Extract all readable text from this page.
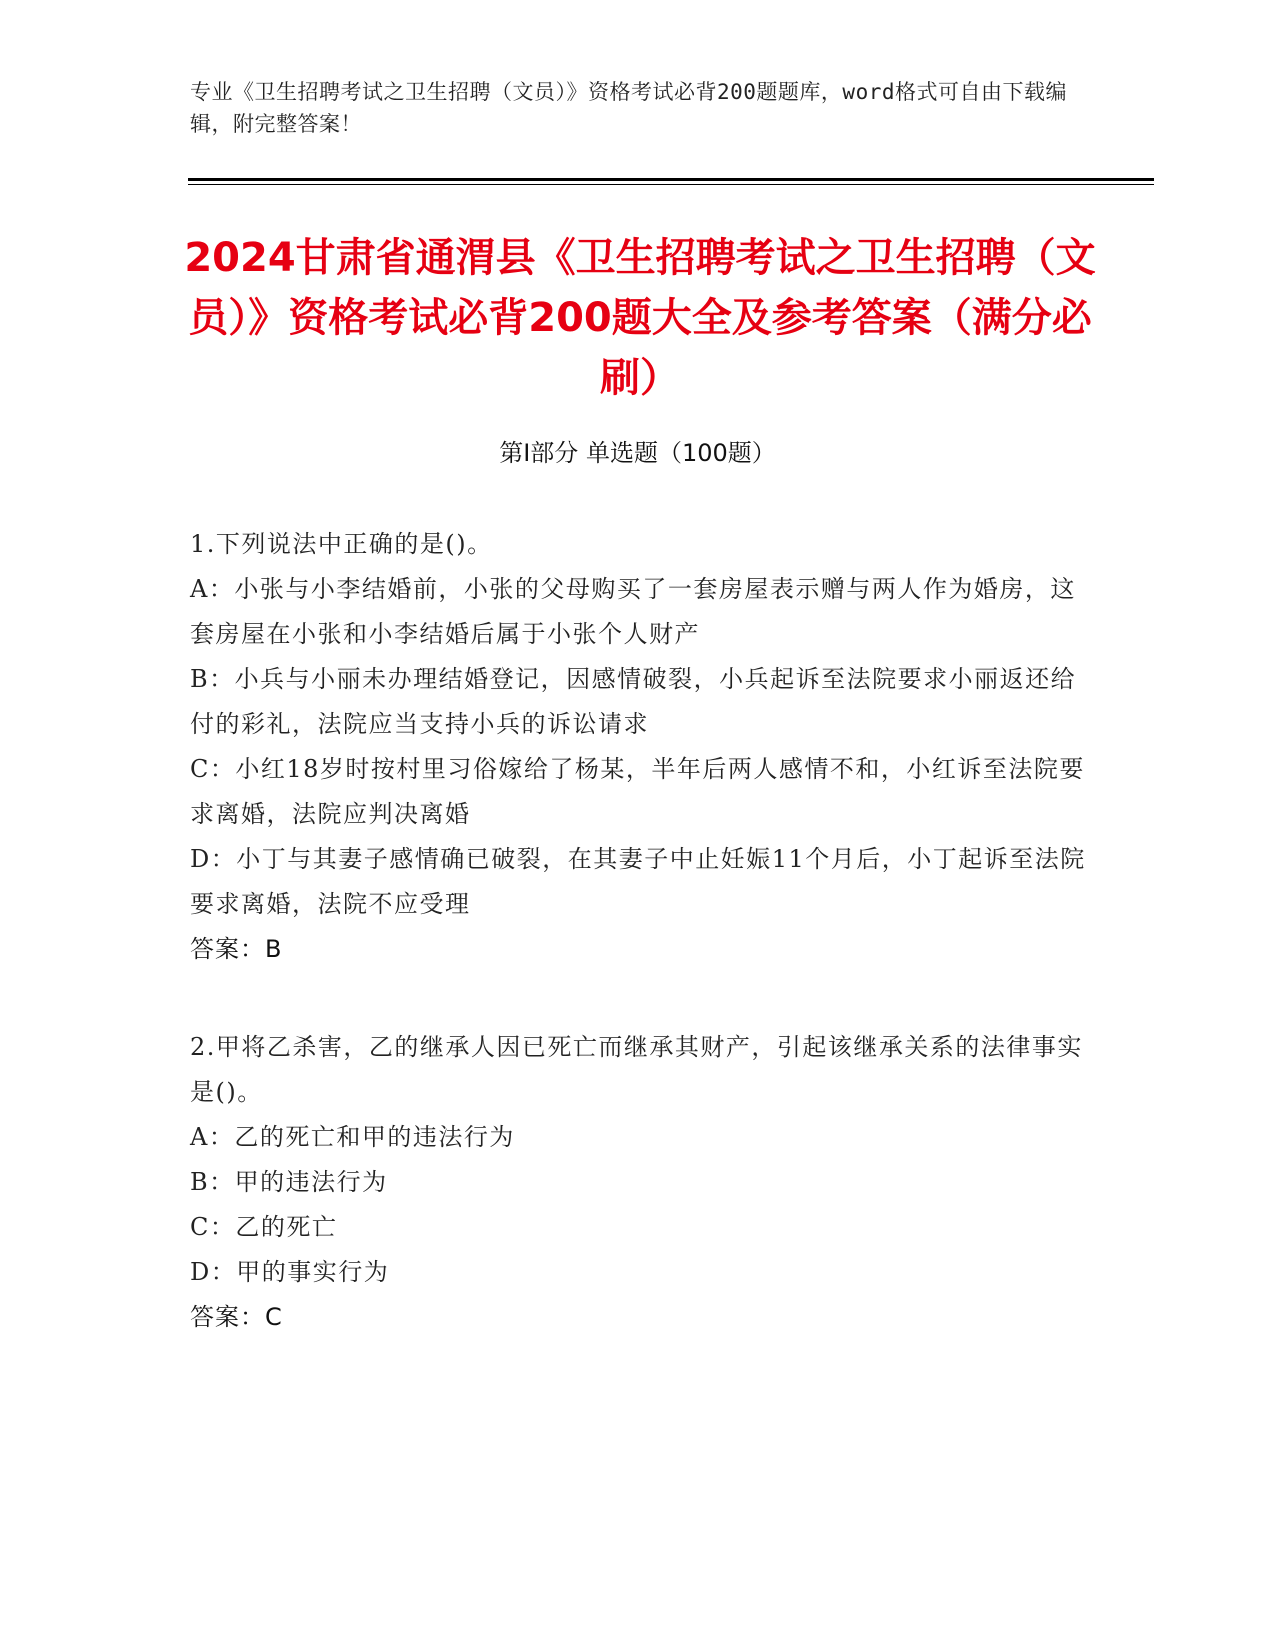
专业《卫生招聘考试之卫生招聘（文员）》资格考试必背200题题库，word格式可自由下载编辑，附完整答案！
2024甘肃省通渭县《卫生招聘考试之卫生招聘（文员）》资格考试必背200题大全及参考答案（满分必刷）
第Ⅰ部分 单选题（100题）
1.下列说法中正确的是()。
A：小张与小李结婚前，小张的父母购买了一套房屋表示赠与两人作为婚房，这套房屋在小张和小李结婚后属于小张个人财产
B：小兵与小丽未办理结婚登记，因感情破裂，小兵起诉至法院要求小丽返还给付的彩礼，法院应当支持小兵的诉讼请求
C：小红18岁时按村里习俗嫁给了杨某，半年后两人感情不和，小红诉至法院要求离婚，法院应判决离婚
D：小丁与其妻子感情确已破裂，在其妻子中止妊娠11个月后，小丁起诉至法院要求离婚，法院不应受理
答案：B
2.甲将乙杀害，乙的继承人因已死亡而继承其财产，引起该继承关系的法律事实是()。
A：乙的死亡和甲的违法行为
B：甲的违法行为
C：乙的死亡
D：甲的事实行为
答案：C
